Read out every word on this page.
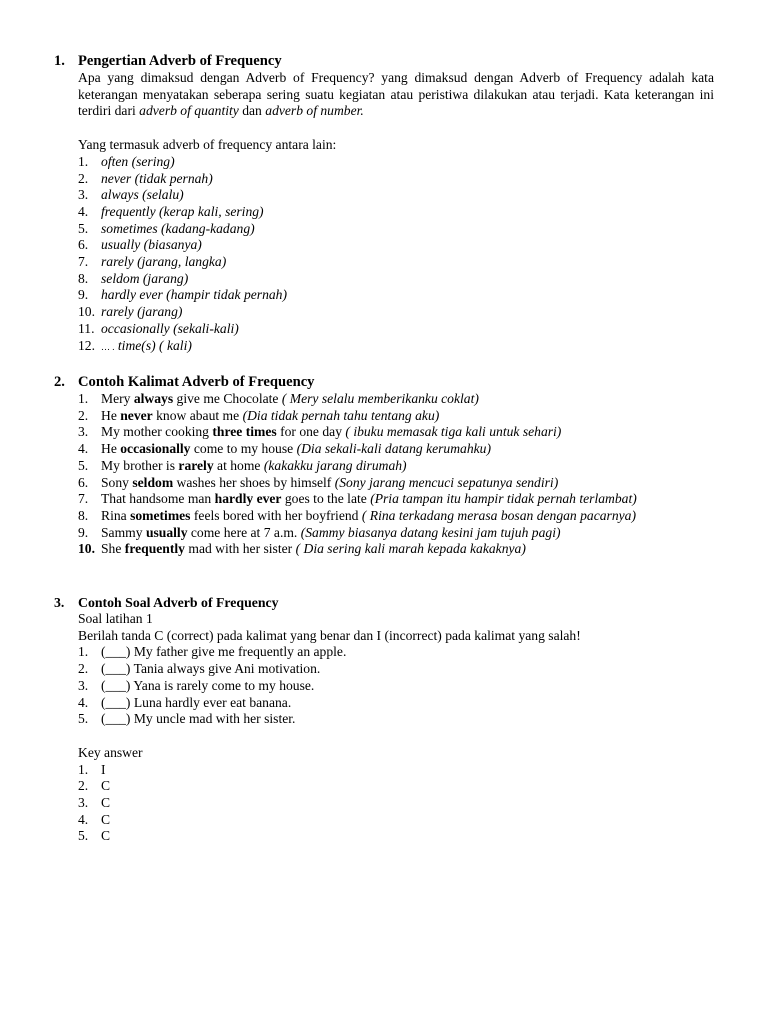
1. Pengertian Adverb of Frequency
Apa yang dimaksud dengan Adverb of Frequency? yang dimaksud dengan Adverb of Frequency adalah kata keterangan menyatakan seberapa sering suatu kegiatan atau peristiwa dilakukan atau terjadi. Kata keterangan ini terdiri dari adverb of quantity dan adverb of number.
Yang termasuk adverb of frequency antara lain:
1. often (sering)
2. never (tidak pernah)
3. always (selalu)
4. frequently (kerap kali, sering)
5. sometimes (kadang-kadang)
6. usually (biasanya)
7. rarely (jarang, langka)
8. seldom (jarang)
9. hardly ever (hampir tidak pernah)
10. rarely (jarang)
11. occasionally (sekali-kali)
12. … . time(s) ( kali)
2. Contoh Kalimat Adverb of Frequency
1. Mery always give me Chocolate ( Mery selalu memberikanku coklat)
2. He never know abaut me (Dia tidak pernah tahu tentang aku)
3. My mother cooking three times for one day ( ibuku memasak tiga kali untuk sehari)
4. He occasionally come to my house (Dia sekali-kali datang kerumahku)
5. My brother is rarely at home (kakakku jarang dirumah)
6. Sony seldom washes her shoes by himself (Sony jarang mencuci sepatunya sendiri)
7. That handsome man hardly ever goes to the late (Pria tampan itu hampir tidak pernah terlambat)
8. Rina sometimes feels bored with her boyfriend ( Rina terkadang merasa bosan dengan pacarnya)
9. Sammy usually come here at 7 a.m. (Sammy biasanya datang kesini jam tujuh pagi)
10. She frequently mad with her sister ( Dia sering kali marah kepada kakaknya)
3. Contoh Soal Adverb of Frequency
Soal latihan 1
Berilah tanda C (correct) pada kalimat yang benar dan I (incorrect) pada kalimat yang salah!
1. (___) My father give me frequently an apple.
2. (___) Tania always give Ani motivation.
3. (___) Yana is rarely come to my house.
4. (___) Luna hardly ever eat banana.
5. (___) My uncle mad with her sister.
Key answer
1. I
2. C
3. C
4. C
5. C
